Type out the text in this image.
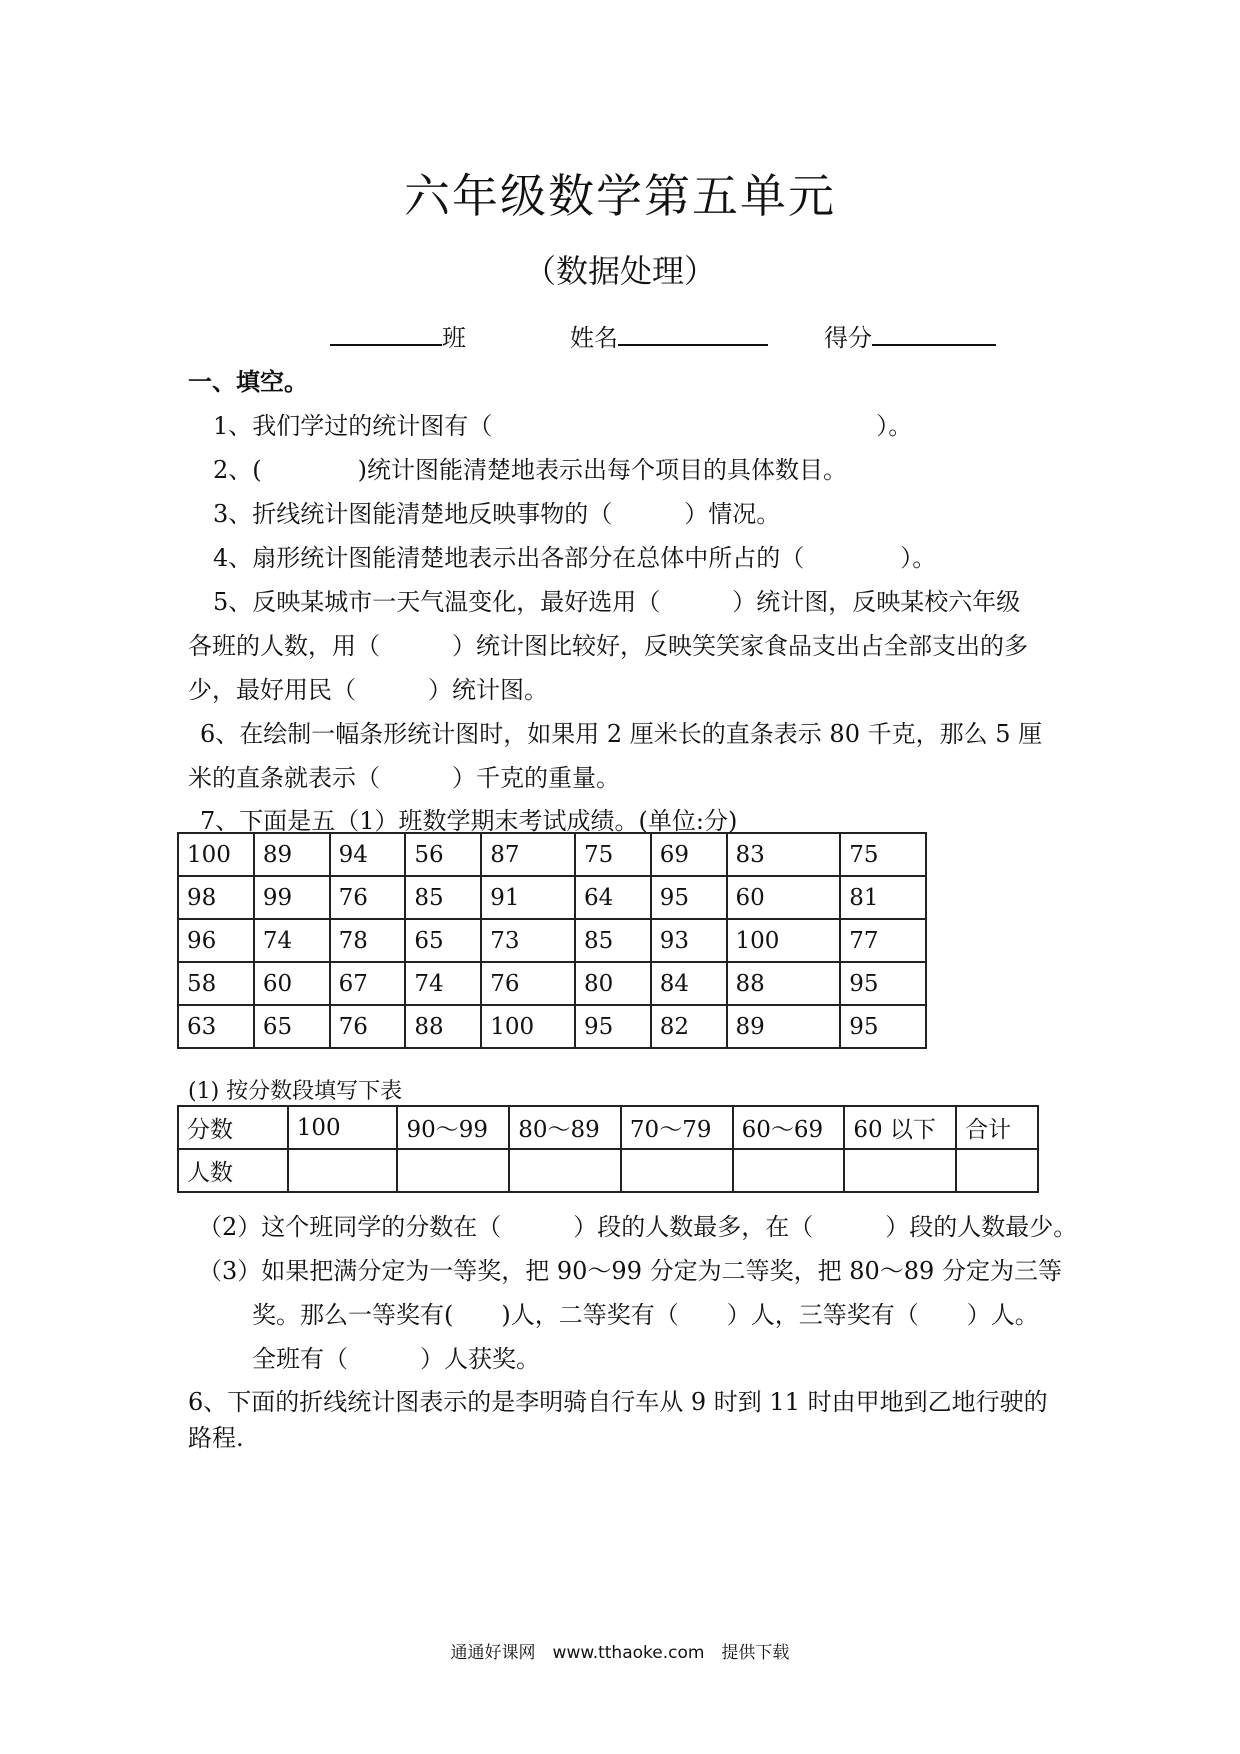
六年级数学第五单元
（数据处理）
班	姓名	得分
一、填空。
1、我们学过的统计图有（　　　　　　　　　　　　　　　　）。
2、(　　　　)统计图能清楚地表示出每个项目的具体数目。
3、折线统计图能清楚地反映事物的（　　　）情况。
4、扇形统计图能清楚地表示出各部分在总体中所占的（　　　　）。
5、反映某城市一天气温变化，最好选用（　　　）统计图，反映某校六年级
各班的人数，用（　　　）统计图比较好，反映笑笑家食品支出占全部支出的多
少，最好用民（　　　）统计图。
6、在绘制一幅条形统计图时，如果用 2 厘米长的直条表示 80 千克，那么 5 厘
米的直条就表示（　　　）千克的重量。
7、下面是五（1）班数学期末考试成绩。(单位:分)
100	89	94	56	87	75	69	83	75
98	99	76	85	91	64	95	60	81
96	74	78	65	73	85	93	100	77
58	60	67	74	76	80	84	88	95
63	65	76	88	100	95	82	89	95
(1) 按分数段填写下表
分数	100	90～99	80～89	70～79	60～69	60 以下	合计
人数							
（2）这个班同学的分数在（　　　）段的人数最多，在（　　　）段的人数最少。
（3）如果把满分定为一等奖，把 90～99 分定为二等奖，把 80～89 分定为三等
奖。那么一等奖有(　　)人，二等奖有（　　）人，三等奖有（　　）人。
全班有（　　　）人获奖。
6、下面的折线统计图表示的是李明骑自行车从 9 时到 11 时由甲地到乙地行驶的
路程.
通通好课网　www.tthaoke.com　提供下载
